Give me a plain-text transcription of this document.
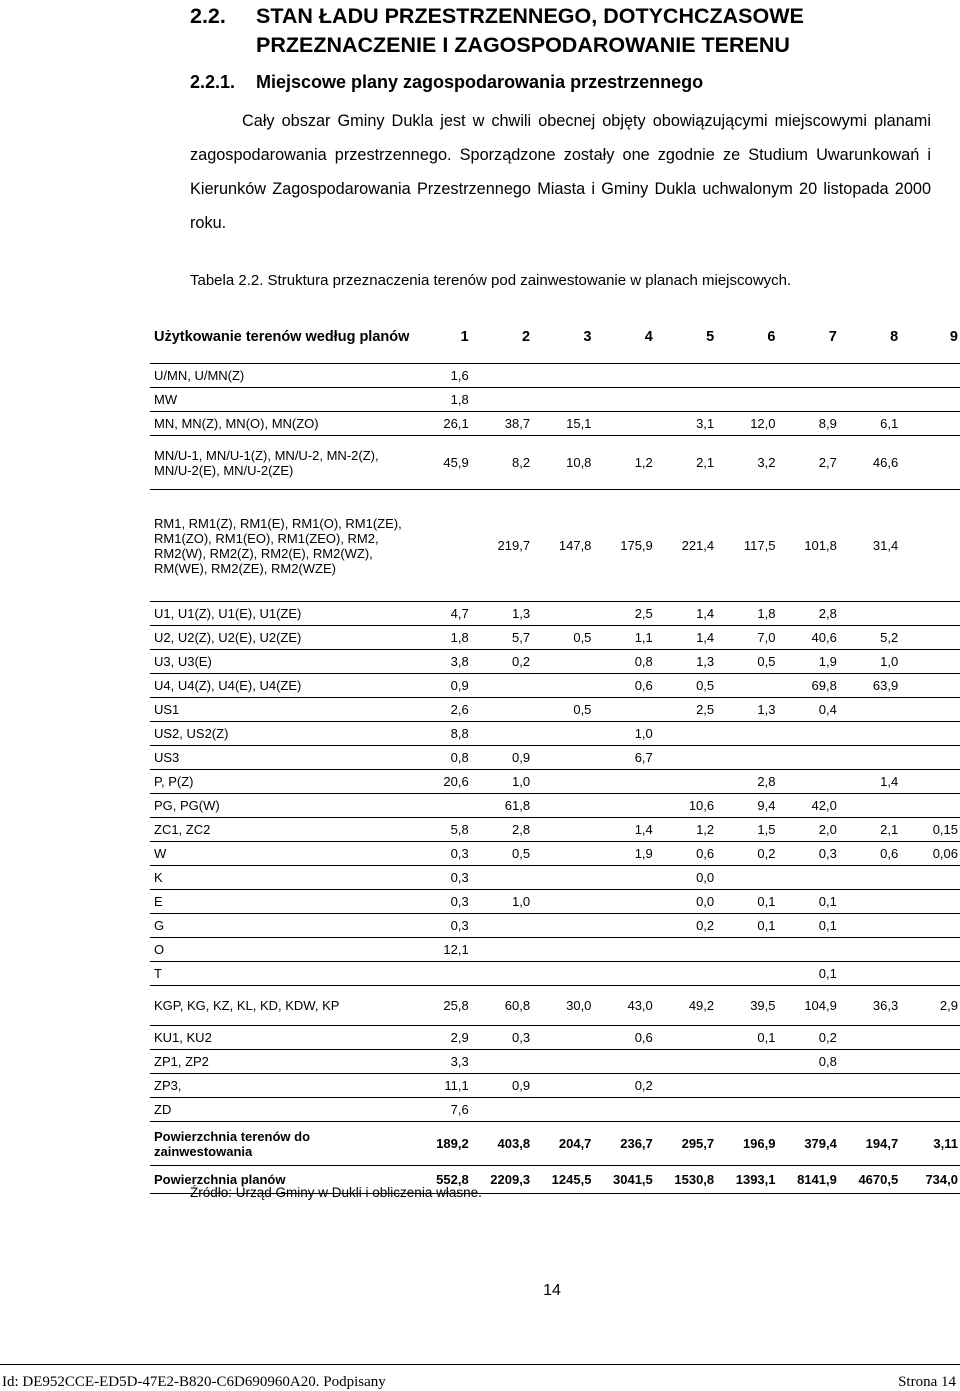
2.2. STAN ŁADU PRZESTRZENNEGO, DOTYCHCZASOWE
PRZEZNACZENIE I ZAGOSPODAROWANIE TERENU
2.2.1. Miejscowe plany zagospodarowania przestrzennego

Cały obszar Gminy Dukla jest w chwili obecnej objęty obowiązującymi miejscowymi planami zagospodarowania przestrzennego. Sporządzone zostały one zgodnie ze Studium Uwarunkowań i Kierunków Zagospodarowania Przestrzennego Miasta i Gminy Dukla uchwalonym 20 listopada 2000 roku.

Tabela 2.2. Struktura przeznaczenia terenów pod zainwestowanie w planach miejscowych.
Użytkowanie terenów według planów	1	2	3	4	5	6	7	8	9
U/MN, U/MN(Z)	1,6								
MW	1,8								
MN, MN(Z), MN(O), MN(ZO)	26,1	38,7	15,1		3,1	12,0	8,9	6,1	
MN/U-1, MN/U-1(Z), MN/U-2, MN-2(Z), MN/U-2(E), MN/U-2(ZE)	45,9	8,2	10,8	1,2	2,1	3,2	2,7	46,6	
RM1, RM1(Z), RM1(E), RM1(O), RM1(ZE), RM1(ZO), RM1(EO), RM1(ZEO), RM2, RM2(W), RM2(Z), RM2(E), RM2(WZ), RM(WE), RM2(ZE), RM2(WZE)		219,7	147,8	175,9	221,4	117,5	101,8	31,4	
U1, U1(Z), U1(E), U1(ZE)	4,7	1,3		2,5	1,4	1,8	2,8		
U2, U2(Z), U2(E), U2(ZE)	1,8	5,7	0,5	1,1	1,4	7,0	40,6	5,2	
U3, U3(E)	3,8	0,2		0,8	1,3	0,5	1,9	1,0	
U4, U4(Z), U4(E), U4(ZE)	0,9			0,6	0,5		69,8	63,9	
US1	2,6		0,5		2,5	1,3	0,4		
US2, US2(Z)	8,8			1,0					
US3	0,8	0,9		6,7					
P, P(Z)	20,6	1,0				2,8		1,4	
PG, PG(W)		61,8			10,6	9,4	42,0		
ZC1, ZC2	5,8	2,8		1,4	1,2	1,5	2,0	2,1	0,15
W	0,3	0,5		1,9	0,6	0,2	0,3	0,6	0,06
K	0,3				0,0				
E	0,3	1,0			0,0	0,1	0,1		
G	0,3				0,2	0,1	0,1		
O	12,1								
T							0,1		
KGP, KG, KZ, KL, KD, KDW, KP	25,8	60,8	30,0	43,0	49,2	39,5	104,9	36,3	2,9
KU1, KU2	2,9	0,3		0,6		0,1	0,2		
ZP1, ZP2	3,3						0,8		
ZP3,	11,1	0,9		0,2					
ZD	7,6								
Powierzchnia terenów do zainwestowania	189,2	403,8	204,7	236,7	295,7	196,9	379,4	194,7	3,11
Powierzchnia planów	552,8	2209,3	1245,5	3041,5	1530,8	1393,1	8141,9	4670,5	734,0
Źródło: Urząd Gminy w Dukli i obliczenia własne.
14
Id: DE952CCE-ED5D-47E2-B820-C6D690960A20. Podpisany	Strona 14
